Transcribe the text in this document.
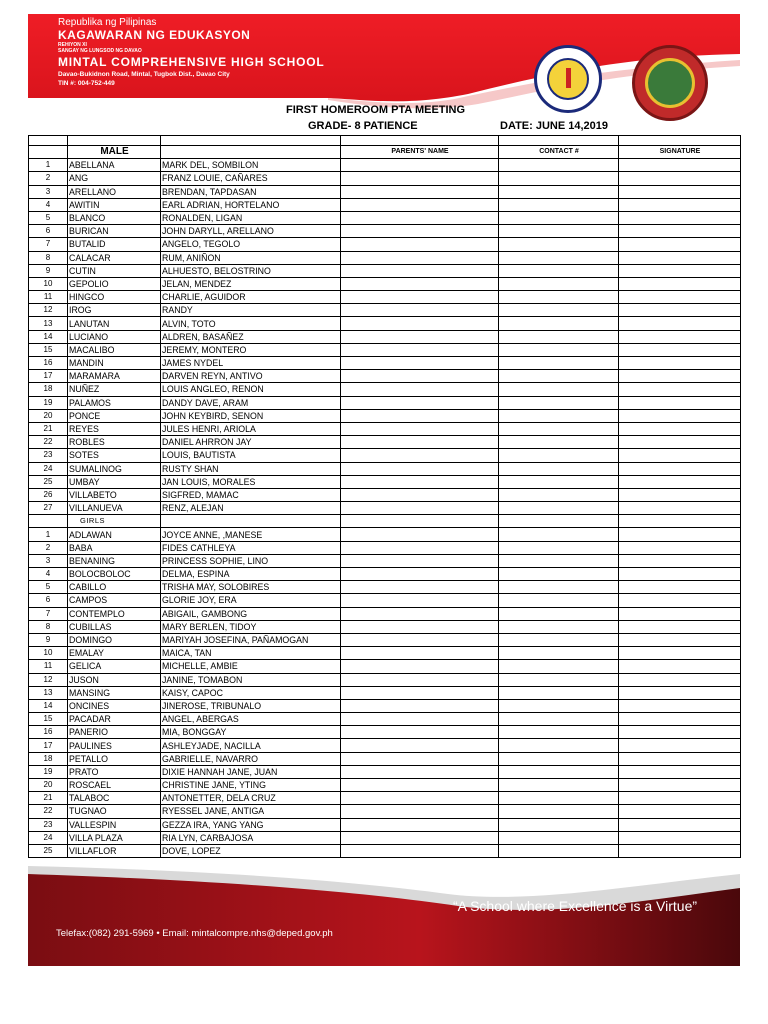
Republika ng Pilipinas
KAGAWARAN NG EDUKASYON
REHIYON XI
SANGAY NG LUNGSOD NG DAVAO
MINTAL COMPREHENSIVE HIGH SCHOOL
Davao-Bukidnon Road, Mintal, Tugbok Dist., Davao City
TIN #: 004-752-449
FIRST HOMEROOM PTA MEETING
GRADE- 8 PATIENCE	DATE: JUNE 14,2019

	MALE		PARENTS' NAME	CONTACT #	SIGNATURE
1	ABELLANA	MARK DEL, SOMBILON			
2	ANG	FRANZ LOUIE, CAÑARES			
3	ARELLANO	BRENDAN, TAPDASAN			
4	AWITIN	EARL ADRIAN, HORTELANO			
5	BLANCO	RONALDEN, LIGAN			
6	BURICAN	JOHN DARYLL, ARELLANO			
7	BUTALID	ANGELO, TEGOLO			
8	CALACAR	RUM, ANIÑON			
9	CUTIN	ALHUESTO, BELOSTRINO			
10	GEPOLIO	JELAN, MENDEZ			
11	HINGCO	CHARLIE, AGUIDOR			
12	IROG	RANDY			
13	LANUTAN	ALVIN, TOTO			
14	LUCIANO	ALDREN, BASAÑEZ			
15	MACALIBO	JEREMY, MONTERO			
16	MANDIN	JAMES NYDEL			
17	MARAMARA	DARVEN REYN, ANTIVO			
18	NUÑEZ	LOUIS ANGLEO, RENON			
19	PALAMOS	DANDY DAVE, ARAM			
20	PONCE	JOHN KEYBIRD, SENON			
21	REYES	JULES HENRI, ARIOLA			
22	ROBLES	DANIEL AHRRON JAY			
23	SOTES	LOUIS, BAUTISTA			
24	SUMALINOG	RUSTY SHAN			
25	UMBAY	JAN LOUIS, MORALES			
26	VILLABETO	SIGFRED, MAMAC			
27	VILLANUEVA	RENZ, ALEJAN			
	GIRLS				
1	ADLAWAN	JOYCE ANNE, ,MANESE			
2	BABA	FIDES CATHLEYA			
3	BENANING	PRINCESS SOPHIE, LINO			
4	BOLOCBOLOC	DELMA, ESPINA			
5	CABILLO	TRISHA MAY, SOLOBIRES			
6	CAMPOS	GLORIE JOY, ERA			
7	CONTEMPLO	ABIGAIL, GAMBONG			
8	CUBILLAS	MARY BERLEN, TIDOY			
9	DOMINGO	MARIYAH JOSEFINA, PAÑAMOGAN			
10	EMALAY	MAICA, TAN			
11	GELICA	MICHELLE, AMBIE			
12	JUSON	JANINE, TOMABON			
13	MANSING	KAISY, CAPOC			
14	ONCINES	JINEROSE, TRIBUNALO			
15	PACADAR	ANGEL, ABERGAS			
16	PANERIO	MIA, BONGGAY			
17	PAULINES	ASHLEYJADE, NACILLA			
18	PETALLO	GABRIELLE, NAVARRO			
19	PRATO	DIXIE HANNAH JANE, JUAN			
20	ROSCAEL	CHRISTINE JANE, YTING			
21	TALABOC	ANTONETTER, DELA CRUZ			
22	TUGNAO	RYESSEL JANE, ANTIGA			
23	VALLESPIN	GEZZA IRA, YANG YANG			
24	VILLA PLAZA	RIA LYN, CARBAJOSA			
25	VILLAFLOR	DOVE, LOPEZ			
“A School where Excellence is a Virtue”
Telefax:(082) 291-5969 • Email: mintalcompre.nhs@deped.gov.ph
